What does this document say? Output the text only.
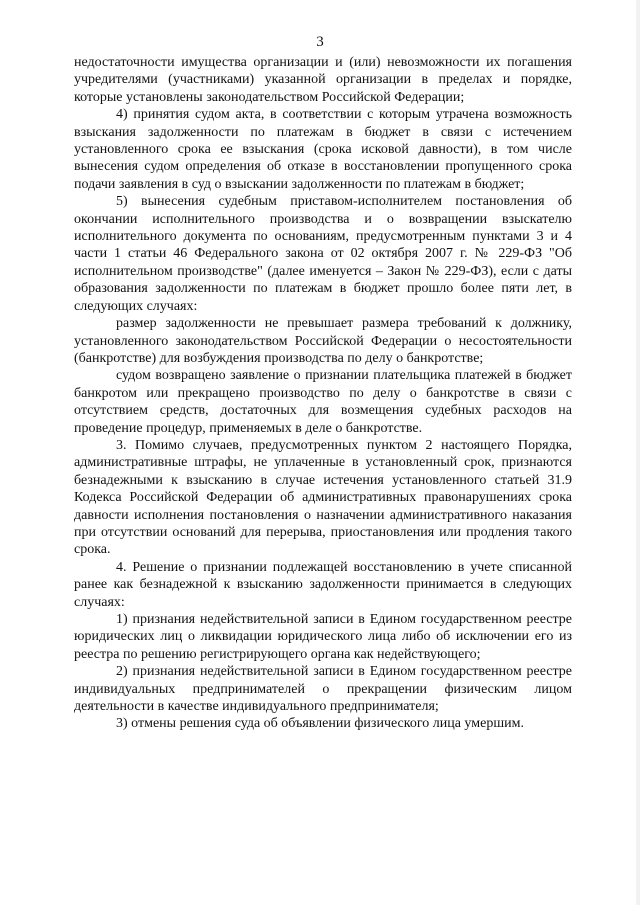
3

недостаточности имущества организации и (или) невозможности их погашения учредителями (участниками) указанной организации в пределах и порядке, которые установлены законодательством Российской Федерации;

4) принятия судом акта, в соответствии с которым утрачена возможность взыскания задолженности по платежам в бюджет в связи с истечением установленного срока ее взыскания (срока исковой давности), в том числе вынесения судом определения об отказе в восстановлении пропущенного срока подачи заявления в суд о взыскании задолженности по платежам в бюджет;

5) вынесения судебным приставом-исполнителем постановления об окончании исполнительного производства и о возвращении взыскателю исполнительного документа по основаниям, предусмотренным пунктами 3 и 4 части 1 статьи 46 Федерального закона от 02 октября 2007 г. № 229-ФЗ "Об исполнительном производстве" (далее именуется – Закон № 229-ФЗ), если с даты образования задолженности по платежам в бюджет прошло более пяти лет, в следующих случаях:

размер задолженности не превышает размера требований к должнику, установленного законодательством Российской Федерации о несостоятельности (банкротстве) для возбуждения производства по делу о банкротстве;

судом возвращено заявление о признании плательщика платежей в бюджет банкротом или прекращено производство по делу о банкротстве в связи с отсутствием средств, достаточных для возмещения судебных расходов на проведение процедур, применяемых в деле о банкротстве.

3. Помимо случаев, предусмотренных пунктом 2 настоящего Порядка, административные штрафы, не уплаченные в установленный срок, признаются безнадежными к взысканию в случае истечения установленного статьей 31.9 Кодекса Российской Федерации об административных правонарушениях срока давности исполнения постановления о назначении административного наказания при отсутствии оснований для перерыва, приостановления или продления такого срока.

4. Решение о признании подлежащей восстановлению в учете списанной ранее как безнадежной к взысканию задолженности принимается в следующих случаях:

1) признания недействительной записи в Едином государственном реестре юридических лиц о ликвидации юридического лица либо об исключении его из реестра по решению регистрирующего органа как недействующего;

2) признания недействительной записи в Едином государственном реестре индивидуальных предпринимателей о прекращении физическим лицом деятельности в качестве индивидуального предпринимателя;

3) отмены решения суда об объявлении физического лица умершим.
